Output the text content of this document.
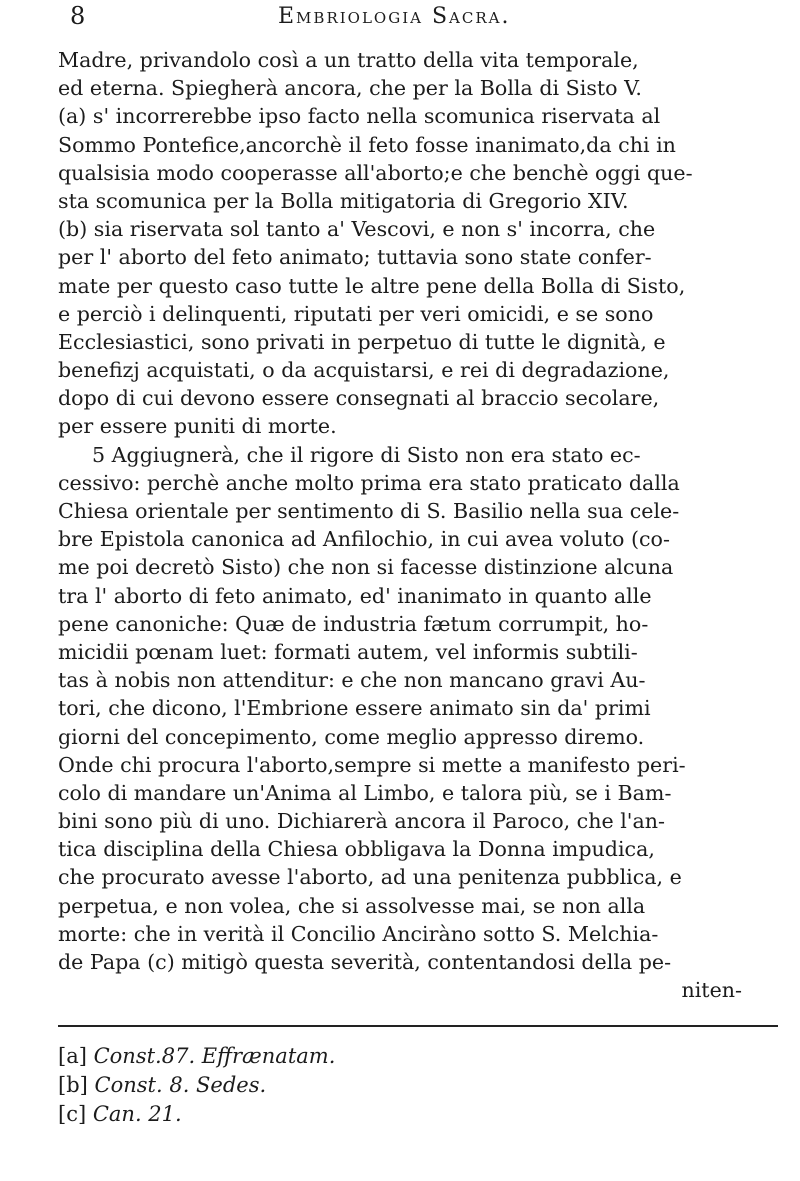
8	Embriologia Sacra.
Madre, privandolo così a un tratto della vita temporale,
ed eterna. Spiegherà ancora, che per la Bolla di Sisto V.
(a) s' incorrerebbe ipso facto nella scomunica riservata al
Sommo Pontefice,ancorchè il feto fosse inanimato,da chi in
qualsisia modo cooperasse all'aborto;e che benchè oggi que-
sta scomunica per la Bolla mitigatoria di Gregorio XIV.
(b) sia riservata sol tanto a' Vescovi, e non s' incorra, che
per l' aborto del feto animato; tuttavia sono state confer-
mate per questo caso tutte le altre pene della Bolla di Sisto,
e perciò i delinquenti, riputati per veri omicidi, e se sono
Ecclesiastici, sono privati in perpetuo di tutte le dignità, e
benefizj acquistati, o da acquistarsi, e rei di degradazione,
dopo di cui devono essere consegnati al braccio secolare,
per essere puniti di morte.
5 Aggiugnerà, che il rigore di Sisto non era stato ec-
cessivo: perchè anche molto prima era stato praticato dalla
Chiesa orientale per sentimento di S. Basilio nella sua cele-
bre Epistola canonica ad Anfilochio, in cui avea voluto (co-
me poi decretò Sisto) che non si facesse distinzione alcuna
tra l' aborto di feto animato, ed' inanimato in quanto alle
pene canoniche: Quæ de industria fætum corrumpit, ho-
micidii pœnam luet: formati autem, vel informis subtili-
tas à nobis non attenditur: e che non mancano gravi Au-
tori, che dicono, l'Embrione essere animato sin da' primi
giorni del concepimento, come meglio appresso diremo.
Onde chi procura l'aborto,sempre si mette a manifesto peri-
colo di mandare un'Anima al Limbo, e talora più, se i Bam-
bini sono più di uno. Dichiarerà ancora il Paroco, che l'an-
tica disciplina della Chiesa obbligava la Donna impudica,
che procurato avesse l'aborto, ad una penitenza pubblica, e
perpetua, e non volea, che si assolvesse mai, se non alla
morte: che in verità il Concilio Anciràno sotto S. Melchia-
de Papa (c) mitigò questa severità, contentandosi della pe-
niten-
[a] Const.87. Effrænatam.
[b] Const. 8. Sedes.
[c] Can. 21.
